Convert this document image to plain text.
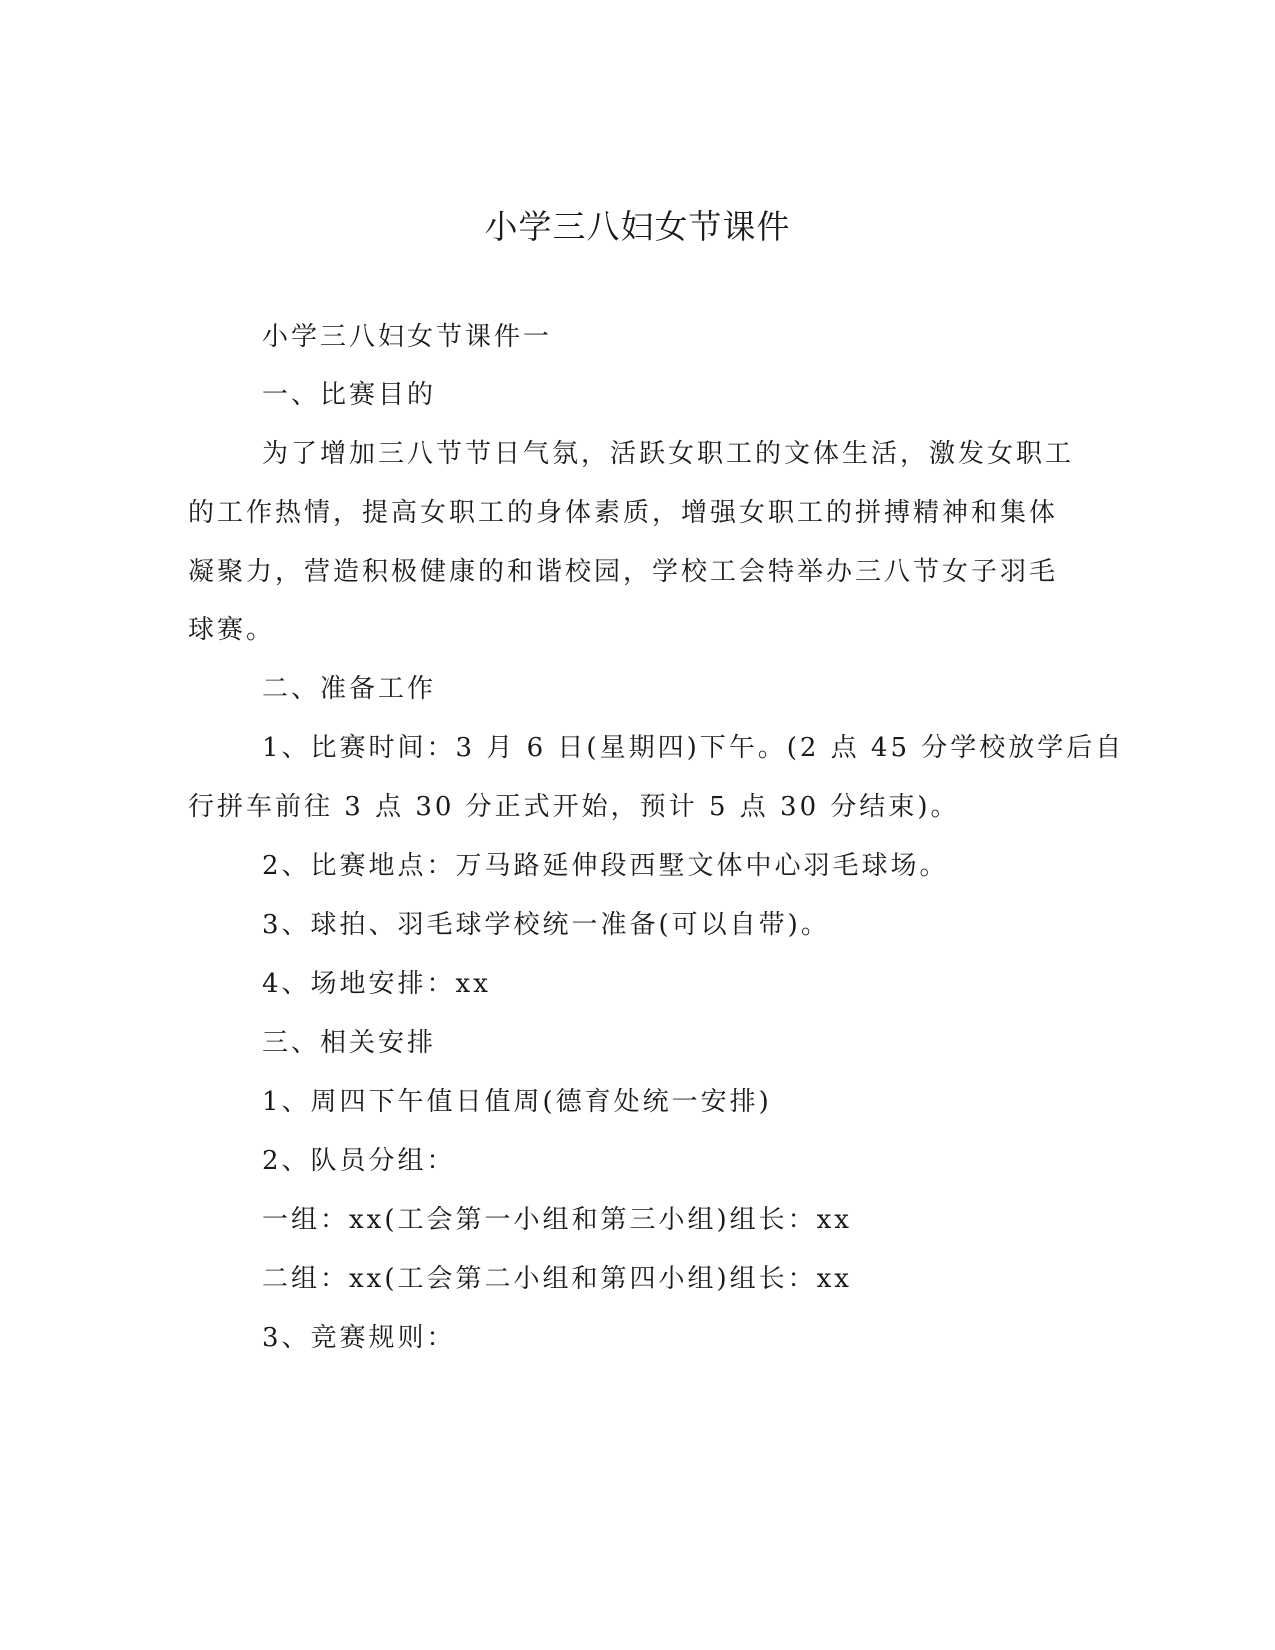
小学三八妇女节课件

小学三八妇女节课件一

一、比赛目的

为了增加三八节节日气氛，活跃女职工的文体生活，激发女职工

的工作热情，提高女职工的身体素质，增强女职工的拼搏精神和集体

凝聚力，营造积极健康的和谐校园，学校工会特举办三八节女子羽毛

球赛。

二、准备工作

1、比赛时间：3 月 6 日(星期四)下午。(2 点 45 分学校放学后自

行拼车前往 3 点 30 分正式开始，预计 5 点 30 分结束)。

2、比赛地点：万马路延伸段西墅文体中心羽毛球场。

3、球拍、羽毛球学校统一准备(可以自带)。

4、场地安排：xx

三、相关安排

1、周四下午值日值周(德育处统一安排)

2、队员分组：

一组：xx(工会第一小组和第三小组)组长：xx

二组：xx(工会第二小组和第四小组)组长：xx

3、竞赛规则：
